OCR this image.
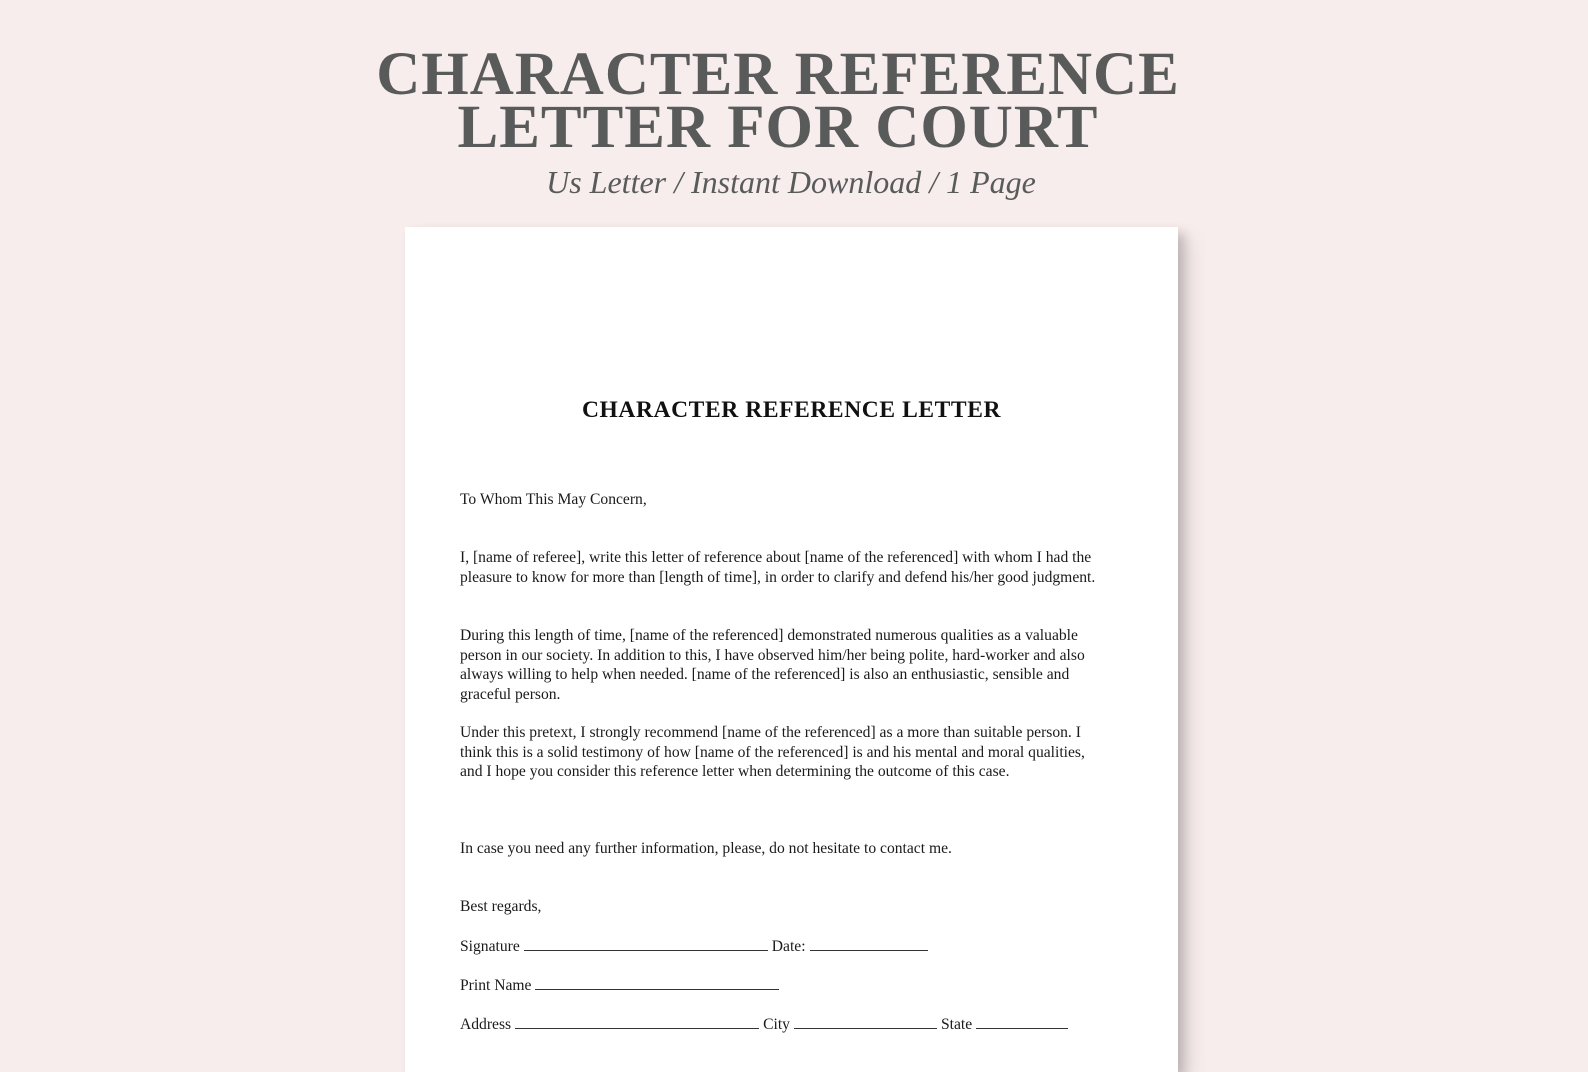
CHARACTER REFERENCE
LETTER FOR COURT

Us Letter / Instant Download / 1 Page

CHARACTER REFERENCE LETTER

To Whom This May Concern,

I, [name of referee], write this letter of reference about [name of the referenced] with whom I had the pleasure to know for more than [length of time], in order to clarify and defend his/her good judgment.

During this length of time, [name of the referenced] demonstrated numerous qualities as a valuable person in our society. In addition to this, I have observed him/her being polite, hard-worker and also always willing to help when needed. [name of the referenced] is also an enthusiastic, sensible and graceful person.

Under this pretext, I strongly recommend [name of the referenced] as a more than suitable person. I think this is a solid testimony of how [name of the referenced] is and his mental and moral qualities, and I hope you consider this reference letter when determining the outcome of this case.

In case you need any further information, please, do not hesitate to contact me.

Best regards,

Signature	Date:
Print Name
Address	City	State
